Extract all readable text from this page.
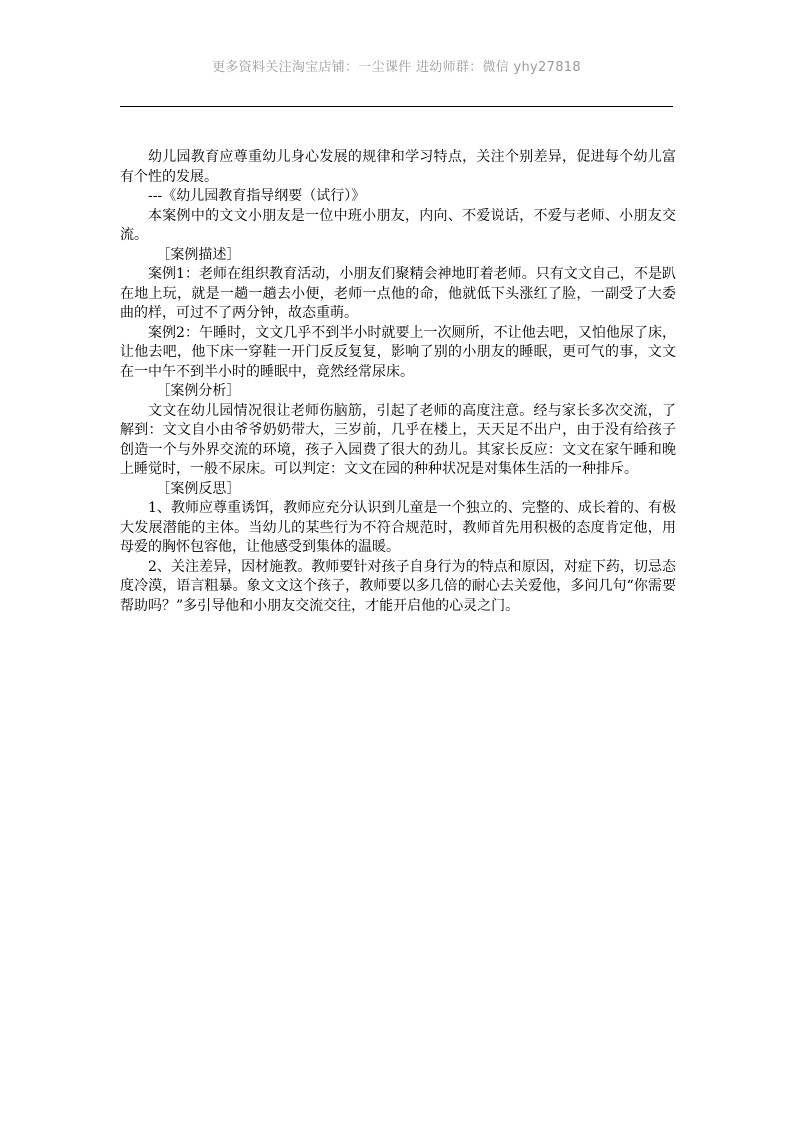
更多资料关注淘宝店铺：一尘课件 进幼师群：微信 yhy27818

幼儿园教育应尊重幼儿身心发展的规律和学习特点，关注个别差异，促进每个幼儿富有个性的发展。

---《幼儿园教育指导纲要（试行）》

本案例中的文文小朋友是一位中班小朋友，内向、不爱说话，不爱与老师、小朋友交流。

［案例描述］

案例1：老师在组织教育活动，小朋友们聚精会神地盯着老师。只有文文自己，不是趴在地上玩，就是一趟一趟去小便，老师一点他的命，他就低下头涨红了脸，一副受了大委曲的样，可过不了两分钟，故态重萌。

案例2：午睡时，文文几乎不到半小时就要上一次厕所，不让他去吧，又怕他尿了床，让他去吧，他下床一穿鞋一开门反反复复，影响了别的小朋友的睡眠，更可气的事，文文在一中午不到半小时的睡眠中，竟然经常尿床。

［案例分析］

文文在幼儿园情况很让老师伤脑筋，引起了老师的高度注意。经与家长多次交流，了解到：文文自小由爷爷奶奶带大，三岁前，几乎在楼上，天天足不出户，由于没有给孩子创造一个与外界交流的环境，孩子入园费了很大的劲儿。其家长反应：文文在家午睡和晚上睡觉时，一般不尿床。可以判定：文文在园的种种状况是对集体生活的一种排斥。

［案例反思］

1、教师应尊重诱饵，教师应充分认识到儿童是一个独立的、完整的、成长着的、有极大发展潜能的主体。当幼儿的某些行为不符合规范时，教师首先用积极的态度肯定他，用母爱的胸怀包容他，让他感受到集体的温暖。

2、关注差异，因材施教。教师要针对孩子自身行为的特点和原因，对症下药，切忌态度冷漠，语言粗暴。象文文这个孩子，教师要以多几倍的耐心去关爱他，多问几句“你需要帮助吗？”多引导他和小朋友交流交往，才能开启他的心灵之门。
